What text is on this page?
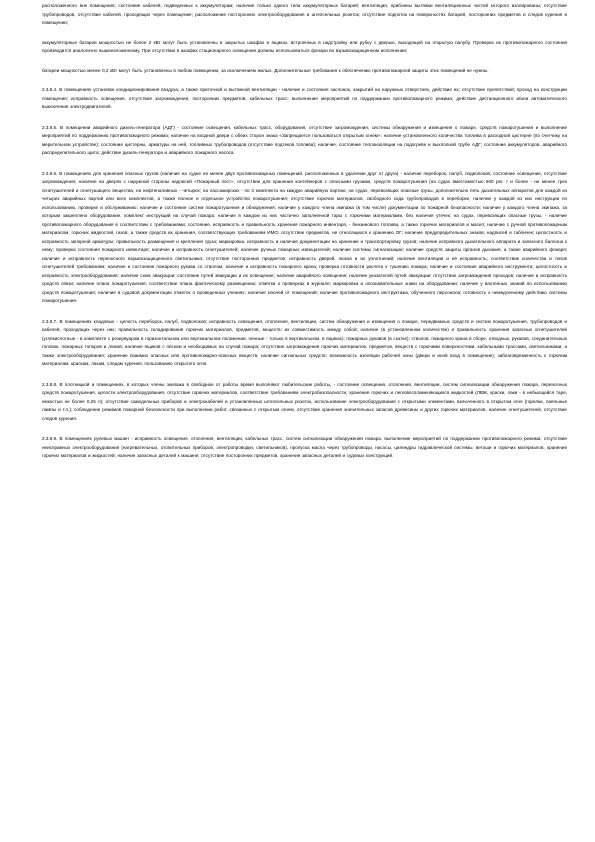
расположенного вне помещения; состояние кабелей, подведенных к аккумуляторам; наличие только одного типа аккумуляторных батарей; вентиляция, прибоины вытяжки вентиляционных частей которого изолированы; отсутствие трубопроводов, отсутствие кабелей, проходящих через помещение; расположение посторонних электрооборудования и штепсельных розеток; отсутствие подпоток на поверхностях батарей, посторонних предметов и следов курения в помещении;

аккумуляторные батареи мощностью не более 2 кВт могут быть установлены в закрытых шкафах и ящиках, встроенных в надстройку или рубку с дверью, выходящей на открытую палубу. Проверка их противопожарного состояния производится аналогично вышеизложенному. При отсутствии в шкафах стационарного освещения должны использоваться фонари во взрывозащищенном исполнении;

батареи мощностью менее 0,2 кВт могут быть установлены в любом помещении, за исключением жилых. Дополнительные требования к обеспечению противопожарной защиты этих помещений не нужны.

2.3.8.4. В помещениях установок кондиционирования воздуха, а также приточной и вытяжной вентиляции - наличие и состояние заслонок, закрытий на наружных отверстиях, действие их; отсутствие препятствий; проход на конструкции помещения; исправность освещения, отсутствие загромождения, посторонних предметов, кабельных трасс; выполнение мероприятий по поддержанию противопожарного режима; действие дистанционного и/или автоматического выключения электродвигателей.

2.3.8.5. В помещении аварийного дизель-генератора (АДГ) - состояние освещения, кабельных трасс, оборудования, отсутствие загромождения, системы обнаружения и извещения о пожаре, средств пожаротушения и выполнение мероприятий по поддержанию противопожарного режима; наличие на входной двери с обеих сторон знака «Запрещается пользоваться открытым огнем»; наличие установленного количества топлива в расходной цистерне (по счетчику на мерительном устройстве); состояние цистерны, арматуры на ней, топливных трубопроводов (отсутствие подтеков топлива); наличие, состояние теплоизоляции на подогреве и выхлопной трубе АДГ; состояние аккумуляторов, аварийного распределительного щита; действие дизель-генератора и аварийного пожарного насоса.

2.3.8.6. В помещениях для хранения опасных грузов (наличие на судне не менее двух противопожарных помещений, расположенных в удалении друг от друга) - наличие переборок, палуб, подволоков; состояние освещения, отсутствие загромождения; наличие на дверях с наружной стороны надписей «Пожарный пост», отсутствие для хранения контейнеров с опасными грузами, средств пожаротушения (на судах вместимостью 500 рег. т и более - не менее трех огнетушителей и огнетушащего вещества, на нефтеналивных - четырех; на пассажирских - по 3 комплекта на каждую аварийную партию; на судах, перевозящих опасные грузы, дополнительно пять дыхательных аппаратов для каждой из четырех аварийных партий или всех комплектов, а также полное и отдельное устройство пожаротушения; отсутствие горючих материалов, свободного хода трубопроводов в переборке, наличие у каждой из них инструкции по использованию, проверке и обслуживанию; наличие и состояние систем пожаротушения и обнаружения; наличие у каждого члена экипажа (в том числе) документации по пожарной безопасности; наличие у каждого члена экипажа, за которым закреплено оборудование, комплект инструкций на случай пожара; наличие в каждом из них частично заполненной тары с горючими материалами, без наличия утечек; на судах, перевозящих опасные грузы, - наличие противопожарного оборудования в соответствии с требованиями; состояние, исправность и правильность хранения пожарного инвентаря, - бензинового топлива, а также горючих материалов и масел; наличие с ручной противопожарным материалом, горючих жидкостей, газов, а также средств их хранения, соответствующих требованиям ИМО; отсутствие предметов, не относящихся к хранению ОГ; наличие предупредительных знаков, надписей и табличек; целостность и исправность запорной арматуры; правильность размещения и крепления груза; маркировка, исправность и наличие документации на хранение и транспортировку грузов; наличие исправного дыхательного аппарата и запасного баллона к нему; проверка состояния пожарного инвентаря; наличие и исправность огнетушителей; наличие ручных пожарных извещателей; наличие системы сигнализации; наличие средств защиты органов дыхания, а также аварийного фонаря; наличие и исправность переносного взрывозащищенного светильника; отсутствие посторонних предметов; исправность дверей, люков и их уплотнений; наличие вентиляции и её исправность; соответствие количества и типов огнетушителей требованиям; наличие и состояние пожарного рукава со стволом; наличие и исправность пожарного крана; проверка готовности расчета к тушению пожара; наличие и состояние аварийного инструмента; целостность и исправность электрооборудования; наличие схем эвакуации; состояние путей эвакуации и их освещение; наличие аварийного освещения; наличие указателей путей эвакуации; отсутствие загромождения проходов; наличие и исправность средств связи; наличие плана пожаротушения; соответствие плана фактическому размещению; отметки о проверках в журнале; маркировка и опознавательные знаки на оборудовании; наличие у вахтенных знаний по использованию средств пожаротушения; наличие в судовой документации отметок о проведенных учениях; наличие ключей от помещений; наличие противопожарного инструктажа, обученного персонала; готовность к немедленному действию системы пожаротушения.

2.3.8.7. В помещениях кладовых - целость переборок, палуб, подволоков; исправность освещения, отопления, вентиляции, систем обнаружения и извещения о пожаре, передвижных средств и систем пожаротушения, трубопроводов и кабелей, проходящих через них; правильность складирования горючих материалов, предметов, веществ; их совместимость между собой; наличие (в установленном количестве) и правильность хранения запасных огнетушителей (углекислотные - в комплекте с резервуаром в горизонтальном или вертикальном положении, пенные - только в вертикальном, в ящиках); пожарных рукавов (в скатке); стволов, пожарного крана в сборе, отводных, рукавов, соединительных головок, пожарных топоров и ломов; наличие ящиков с песком и необходимых на случай пожара; отсутствие загромождения горючих материалов, предметов, веществ с горючими поверхностями, кабельными трассами, светильниками, а также электрооборудования; хранение взаимно опасных или противопожарно-опасных веществ, наличие сигнальных средств; возможность изоляции рабочей зоны (двери и иной вход в помещение), заблаговременность к горючим материалам, краскам, лакам, следам курения, пользованию открытого огня.

2.3.8.8. В плотницкой и помещениях, в которых члены экипажа в свободное от работы время выполняют любительские работы, - состояние освещения, отопления, вентиляции, систем сигнализации обнаружения пожара, переносных средств пожаротушения, целости электрооборудования, отсутствие горючих материалов, соответствие требованиям электробезопасности, хранение горючих и легковоспламеняющихся жидкостей (ЛВЖ, краски, лаки - в небьющейся таре, емкостью не более 0,25 л); отсутствие самодельных приборов и электрокабелей и установленных штепсельных розеток, использование электрооборудования с открытыми элементами, включенного в открытом огне (горелки, паяльные лампы и т.п.); соблюдение режимов пожарной безопасности при выполнении работ, связанных с открытым огнем, отсутствие хранения значительных запасов древесины и других горючих материалов, наличие огнетушителей, отсутствие следов курения.

2.3.8.9. В помещениях рулевых машин - исправность освещения, отопления, вентиляции, кабельных трасс, систем сигнализации обнаружения пожара, выполнение мероприятий по поддержанию противопожарного режима; отсутствие неисправных электрооборудования (нагревательных, отопительных приборов, электропроводки, светильников), пропуска масла через трубопроводы, насосы, цилиндры гидравлической системы, ветоши и горючих материалов, хранение горючих материалов и жидкостей; наличие запасных деталей к машине; отсутствие посторонних предметов, хранения запасных деталей и судовых конструкций.
